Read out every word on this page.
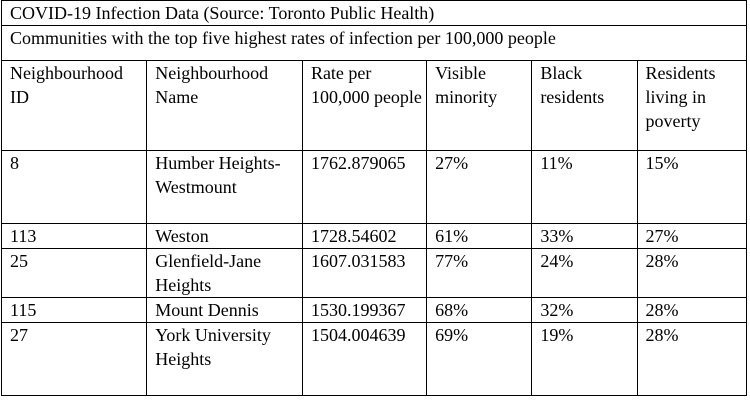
COVID-19 Infection Data (Source: Toronto Public Health)					
Communities with the top five highest rates of infection per 100,000 people					
Neighbourhood ID	Neighbourhood Name	Rate per 100,000 people	Visible minority	Black residents	Residents living in poverty
8	Humber Heights-Westmount	1762.879065	27%	11%	15%
113	Weston	1728.54602	61%	33%	27%
25	Glenfield-Jane Heights	1607.031583	77%	24%	28%
115	Mount Dennis	1530.199367	68%	32%	28%
27	York University Heights	1504.004639	69%	19%	28%
